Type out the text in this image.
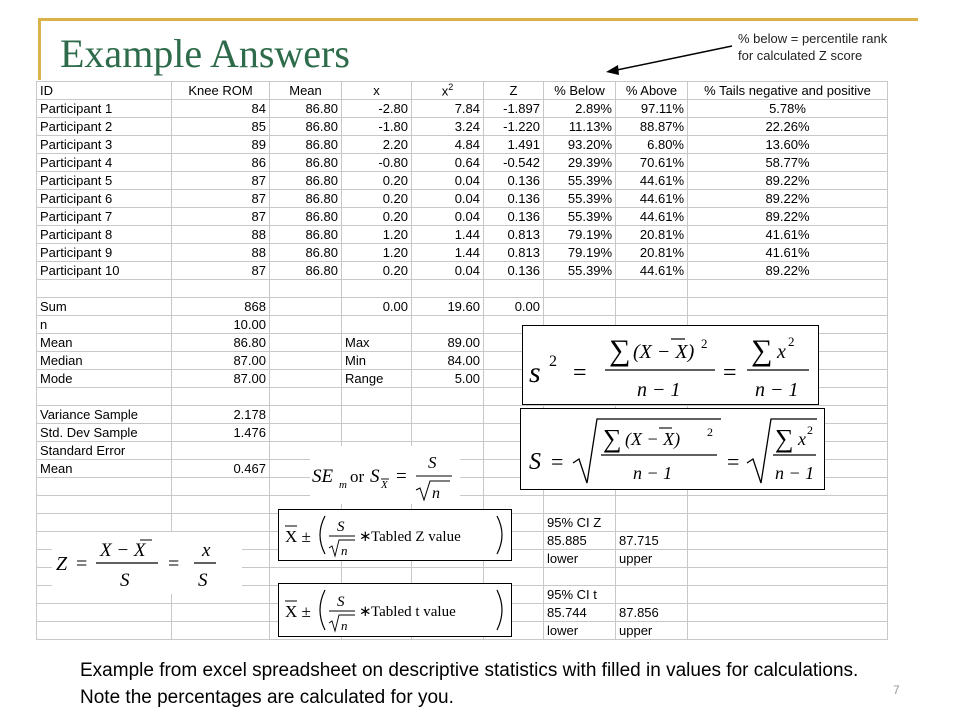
Example Answers	% below = percentile rank
for calculated Z score
ID	Knee ROM	Mean	x	$x^2$	Z	% Below	% Above	% Tails negative and positive
Participant 1	84	86.80	-2.80	7.84	-1.897	2.89%	97.11%	5.78%
Participant 2	85	86.80	-1.80	3.24	-1.220	11.13%	88.87%	22.26%
Participant 3	89	86.80	2.20	4.84	1.491	93.20%	6.80%	13.60%
Participant 4	86	86.80	-0.80	0.64	-0.542	29.39%	70.61%	58.77%
Participant 5	87	86.80	0.20	0.04	0.136	55.39%	44.61%	89.22%
Participant 6	87	86.80	0.20	0.04	0.136	55.39%	44.61%	89.22%
Participant 7	87	86.80	0.20	0.04	0.136	55.39%	44.61%	89.22%
Participant 8	88	86.80	1.20	1.44	0.813	79.19%	20.81%	41.61%
Participant 9	88	86.80	1.20	1.44	0.813	79.19%	20.81%	41.61%
Participant 10	87	86.80	0.20	0.04	0.136	55.39%	44.61%	89.22%

Sum	868		0.00	19.60	0.00			
n	10.00							
Mean	86.80		Max	89.00				
Median	87.00		Min	84.00				
Mode	87.00		Range	5.00				

Variance Sample	2.178							
Std. Dev Sample	1.476							
Standard Error								
Mean	0.467							

						95% CI Z		
						85.885	87.715	
						lower	upper	

						95% CI t		
						85.744	87.856	
						lower	upper	
s 2 =
∑ (X − X) 2
n − 1
=
∑ x 2
n − 1
S =
∑ (X − X) 2
n − 1 =
∑ x 2
n − 1
SE m or S X =
S
n
Z =
X − X
S
=
x
S
X ± S
n
∗ Tabled Z value
X ± S
n
∗ Tabled t value
Example from excel spreadsheet on descriptive statistics with filled in values for calculations. Note the percentages are calculated for you.	7
